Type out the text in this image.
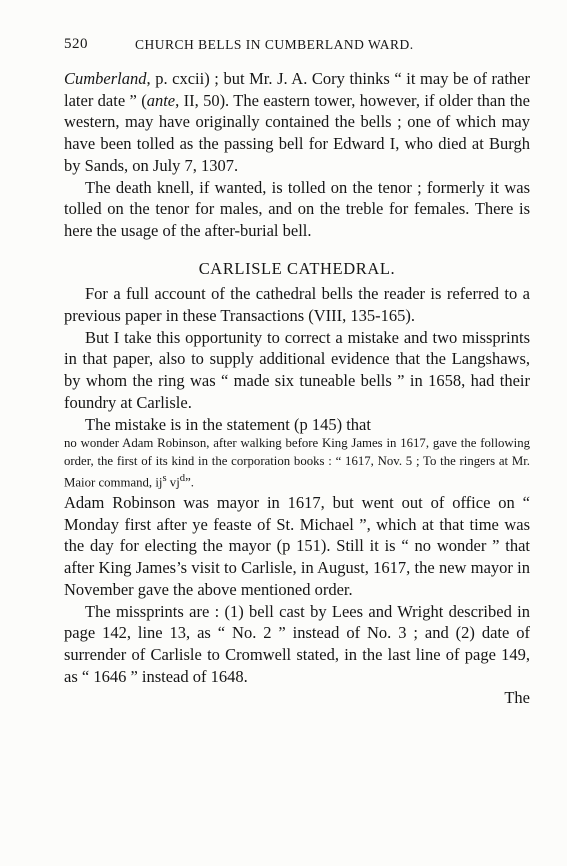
520	CHURCH BELLS IN CUMBERLAND WARD.

Cumberland, p. cxcii) ; but Mr. J. A. Cory thinks “ it may be of rather later date ” (ante, II, 50). The eastern tower, however, if older than the western, may have originally contained the bells ; one of which may have been tolled as the passing bell for Edward I, who died at Burgh by Sands, on July 7, 1307.

The death knell, if wanted, is tolled on the tenor ; formerly it was tolled on the tenor for males, and on the treble for females. There is here the usage of the after-burial bell.

CARLISLE CATHEDRAL.

For a full account of the cathedral bells the reader is referred to a previous paper in these Transactions (VIII, 135-165).

But I take this opportunity to correct a mistake and two missprints in that paper, also to supply additional evidence that the Langshaws, by whom the ring was “ made six tuneable bells ” in 1658, had their foundry at Carlisle.

The mistake is in the statement (p 145) that

no wonder Adam Robinson, after walking before King James in 1617, gave the following order, the first of its kind in the corporation books : “ 1617, Nov. 5 ; To the ringers at Mr. Maior command, $ij^s$ $vj^d$”.

Adam Robinson was mayor in 1617, but went out of office on “ Monday first after ye feaste of St. Michael ”, which at that time was the day for electing the mayor (p 151). Still it is “ no wonder ” that after King James’s visit to Carlisle, in August, 1617, the new mayor in November gave the above mentioned order.

The missprints are : (1) bell cast by Lees and Wright described in page 142, line 13, as “ No. 2 ” instead of No. 3 ; and (2) date of surrender of Carlisle to Cromwell stated, in the last line of page 149, as “ 1646 ” instead of 1648.

The
